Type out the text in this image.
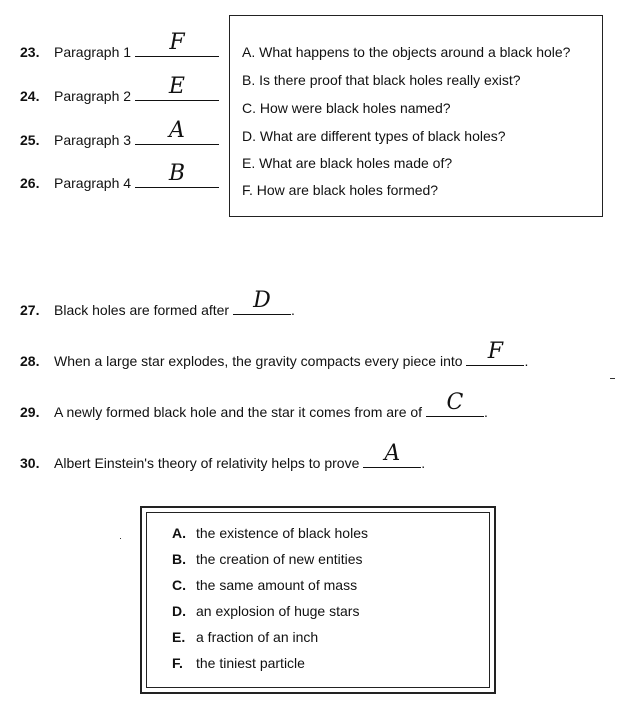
23. Paragraph 1	F
24. Paragraph 2	E
25. Paragraph 3	A
26. Paragraph 4	B
A. What happens to the objects around a black hole?
B. Is there proof that black holes really exist?
C. How were black holes named?
D. What are different types of black holes?
E. What are black holes made of?
F. How are black holes formed?
27. Black holes are formed after	D	.
28. When a large star explodes, the gravity compacts every piece into	F	.
29. A newly formed black hole and the star it comes from are of	C	.
30. Albert Einstein's theory of relativity helps to prove	A	.
A. the existence of black holes
B. the creation of new entities
C. the same amount of mass
D. an explosion of huge stars
E. a fraction of an inch
F. the tiniest particle
